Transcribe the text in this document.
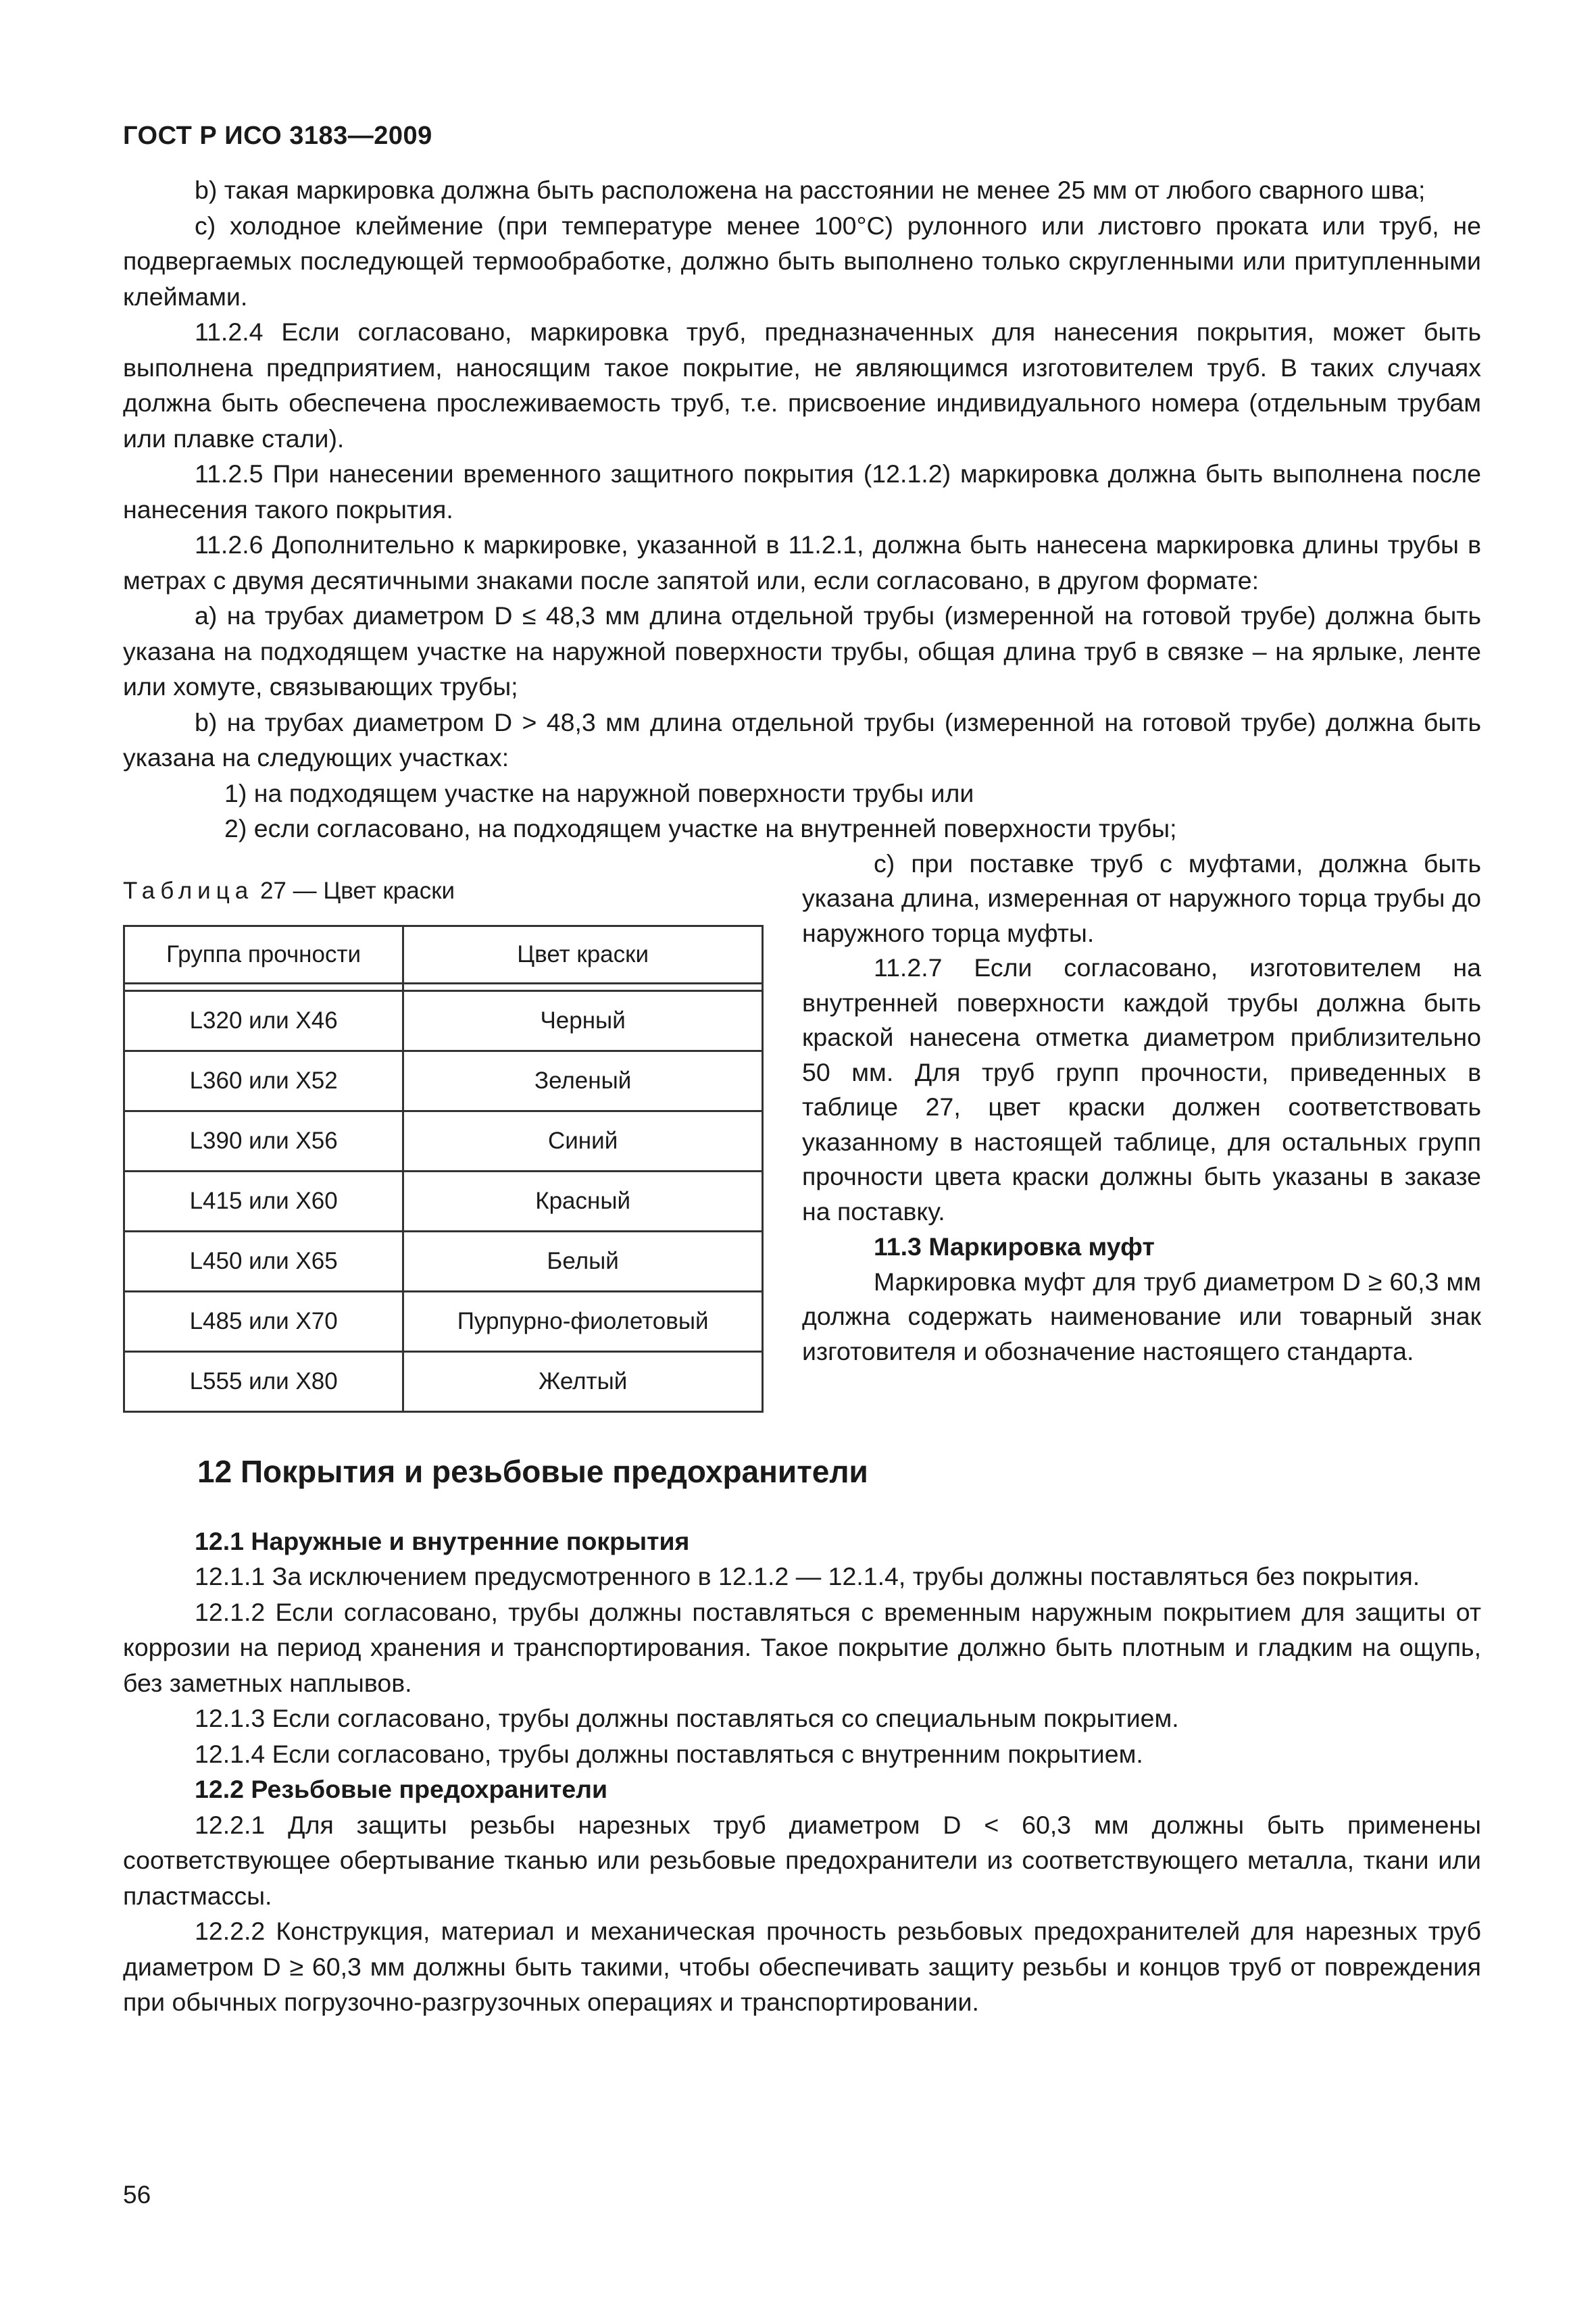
ГОСТ Р ИСО 3183—2009

b) такая маркировка должна быть расположена на расстоянии не менее 25 мм от любого сварного шва;

c) холодное клеймение (при температуре менее 100°С) рулонного или листовго проката или труб, не подвергаемых последующей термообработке, должно быть выполнено только скругленными или притупленными клеймами.

11.2.4 Если согласовано, маркировка труб, предназначенных для нанесения покрытия, может быть выполнена предприятием, наносящим такое покрытие, не являющимся изготовителем труб. В таких случаях должна быть обеспечена прослеживаемость труб, т.е. присвоение индивидуального номера (отдельным трубам или плавке стали).

11.2.5 При нанесении временного защитного покрытия (12.1.2) маркировка должна быть выполнена после нанесения такого покрытия.

11.2.6 Дополнительно к маркировке, указанной в 11.2.1, должна быть нанесена маркировка длины трубы в метрах с двумя десятичными знаками после запятой или, если согласовано, в другом формате:

a) на трубах диаметром D ≤ 48,3 мм длина отдельной трубы (измеренной на готовой трубе) должна быть указана на подходящем участке на наружной поверхности трубы, общая длина труб в связке – на ярлыке, ленте или хомуте, связывающих трубы;

b) на трубах диаметром D > 48,3 мм длина отдельной трубы (измеренной на готовой трубе) должна быть указана на следующих участках:

1) на подходящем участке на наружной поверхности трубы или

2) если согласовано, на подходящем участке на внутренней поверхности трубы;

Таблица 27 — Цвет краски
Группа прочности	Цвет краски

L320 или X46	Черный
L360 или X52	Зеленый
L390 или X56	Синий
L415 или X60	Красный
L450 или X65	Белый
L485 или X70	Пурпурно-фиолетовый
L555 или X80	Желтый

c) при поставке труб с муфтами, должна быть указана длина, измеренная от наружного торца трубы до наружного торца муфты.

11.2.7 Если согласовано, изготовителем на внутренней поверхности каждой трубы должна быть краской нанесена отметка диаметром приблизительно 50 мм. Для труб групп прочности, приведенных в таблице 27, цвет краски должен соответствовать указанному в настоящей таблице, для остальных групп прочности цвета краски должны быть указаны в заказе на поставку.

11.3 Маркировка муфт

Маркировка муфт для труб диаметром D ≥ 60,3 мм должна содержать наименование или товарный знак изготовителя и обозначение настоящего стандарта.

12 Покрытия и резьбовые предохранители
12.1 Наружные и внутренние покрытия

12.1.1 За исключением предусмотренного в 12.1.2 — 12.1.4, трубы должны поставляться без покрытия.

12.1.2 Если согласовано, трубы должны поставляться с временным наружным покрытием для защиты от коррозии на период хранения и транспортирования. Такое покрытие должно быть плотным и гладким на ощупь, без заметных наплывов.

12.1.3 Если согласовано, трубы должны поставляться со специальным покрытием.

12.1.4 Если согласовано, трубы должны поставляться с внутренним покрытием.

12.2 Резьбовые предохранители

12.2.1 Для защиты резьбы нарезных труб диаметром D < 60,3 мм должны быть применены соответствующее обертывание тканью или резьбовые предохранители из соответствующего металла, ткани или пластмассы.

12.2.2 Конструкция, материал и механическая прочность резьбовых предохранителей для нарезных труб диаметром D ≥ 60,3 мм должны быть такими, чтобы обеспечивать защиту резьбы и концов труб от повреждения при обычных погрузочно-разгрузочных операциях и транспортировании.

56
